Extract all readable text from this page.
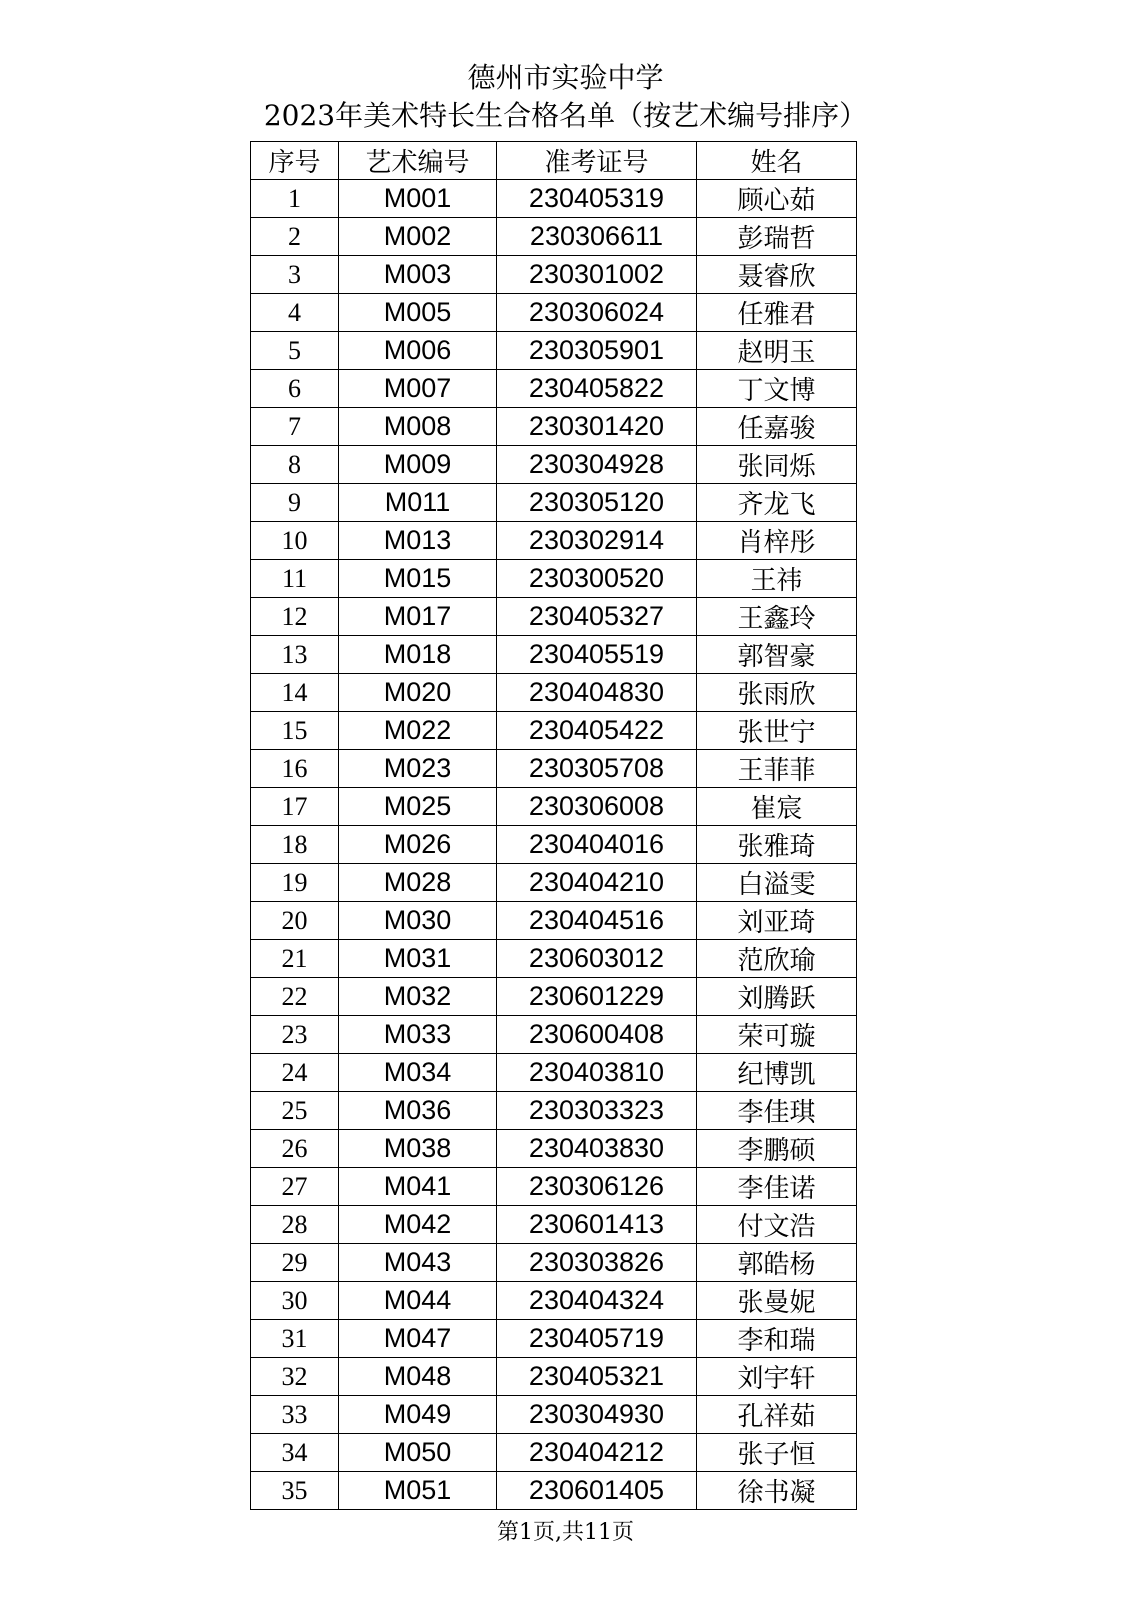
德州市实验中学
2023年美术特长生合格名单（按艺术编号排序）
序号	艺术编号	准考证号	姓名
1	M001	230405319	顾心茹
2	M002	230306611	彭瑞哲
3	M003	230301002	聂睿欣
4	M005	230306024	任雅君
5	M006	230305901	赵明玉
6	M007	230405822	丁文博
7	M008	230301420	任嘉骏
8	M009	230304928	张同烁
9	M011	230305120	齐龙飞
10	M013	230302914	肖梓彤
11	M015	230300520	王祎
12	M017	230405327	王鑫玲
13	M018	230405519	郭智豪
14	M020	230404830	张雨欣
15	M022	230405422	张世宁
16	M023	230305708	王菲菲
17	M025	230306008	崔宸
18	M026	230404016	张雅琦
19	M028	230404210	白溢雯
20	M030	230404516	刘亚琦
21	M031	230603012	范欣瑜
22	M032	230601229	刘腾跃
23	M033	230600408	荣可璇
24	M034	230403810	纪博凯
25	M036	230303323	李佳琪
26	M038	230403830	李鹏硕
27	M041	230306126	李佳诺
28	M042	230601413	付文浩
29	M043	230303826	郭皓杨
30	M044	230404324	张曼妮
31	M047	230405719	李和瑞
32	M048	230405321	刘宇轩
33	M049	230304930	孔祥茹
34	M050	230404212	张子恒
35	M051	230601405	徐书凝
第1页,共11页
